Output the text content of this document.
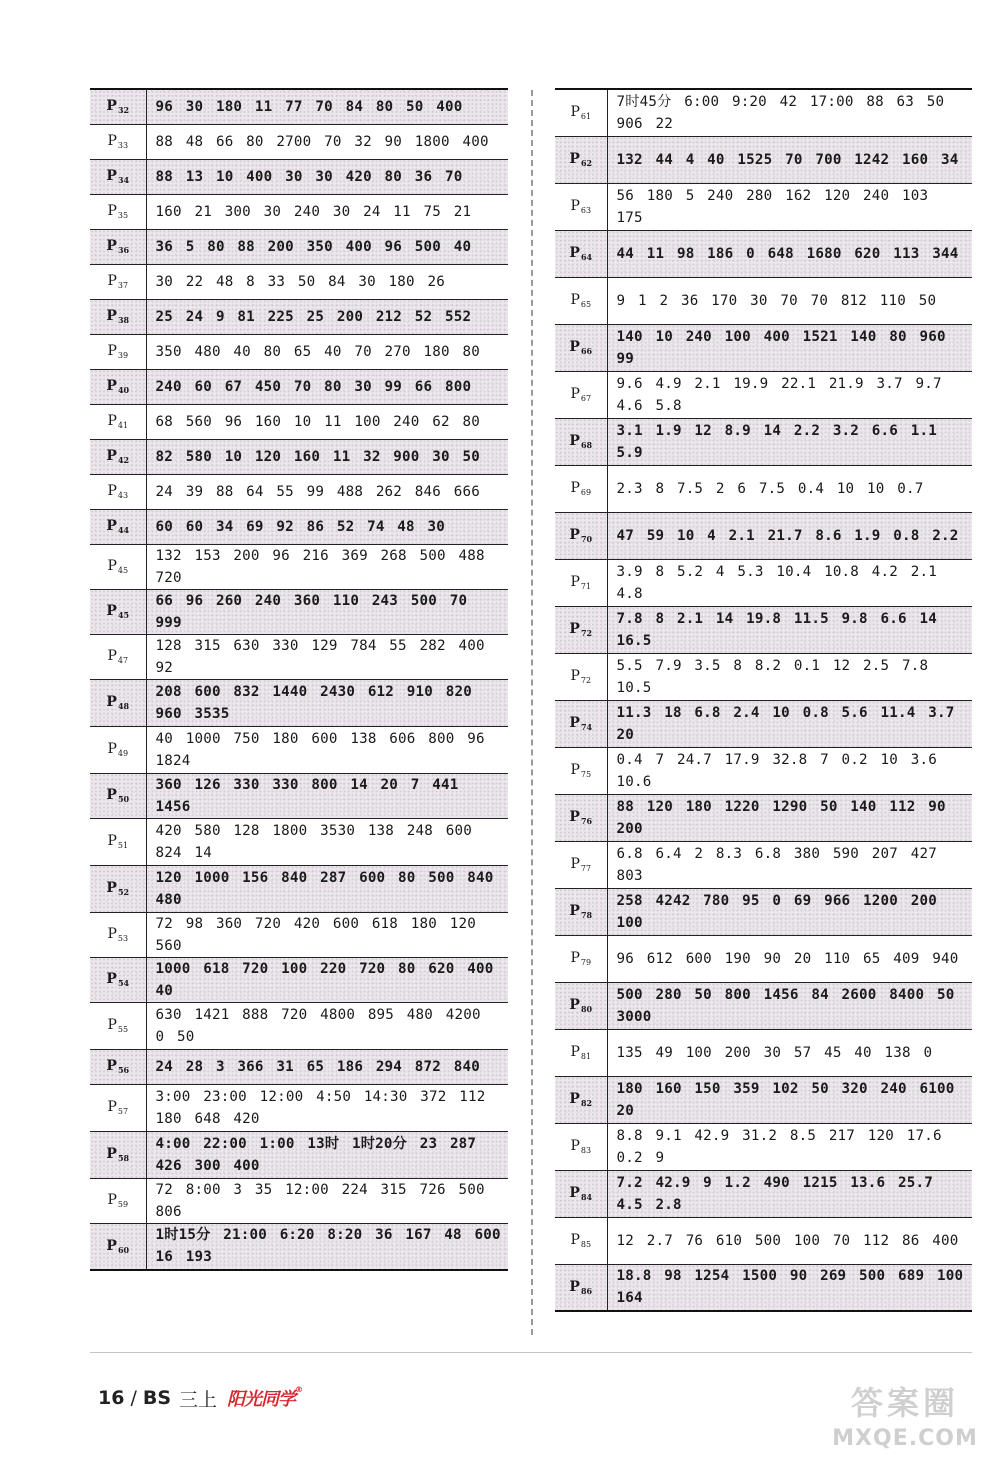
$P_{32}$	96 30 180 11 77 70 84 80 50 400
$P_{33}$	88 48 66 80 2700 70 32 90 1800 400
$P_{34}$	88 13 10 400 30 30 420 80 36 70
$P_{35}$	160 21 300 30 240 30 24 11 75 21
$P_{36}$	36 5 80 88 200 350 400 96 500 40
$P_{37}$	30 22 48 8 33 50 84 30 180 26
$P_{38}$	25 24 9 81 225 25 200 212 52 552
$P_{39}$	350 480 40 80 65 40 70 270 180 80
$P_{40}$	240 60 67 450 70 80 30 99 66 800
$P_{41}$	68 560 96 160 10 11 100 240 62 80
$P_{42}$	82 580 10 120 160 11 32 900 30 50
$P_{43}$	24 39 88 64 55 99 488 262 846 666
$P_{44}$	60 60 34 69 92 86 52 74 48 30
$P_{45}$	132 153 200 96 216 369 268 500 488 720
$P_{45}$	66 96 260 240 360 110 243 500 70 999
$P_{47}$	128 315 630 330 129 784 55 282 400 92
$P_{48}$	208 600 832 1440 2430 612 910 820 960 3535
$P_{49}$	40 1000 750 180 600 138 606 800 96 1824
$P_{50}$	360 126 330 330 800 14 20 7 441 1456
$P_{51}$	420 580 128 1800 3530 138 248 600 824 14
$P_{52}$	120 1000 156 840 287 600 80 500 840 480
$P_{53}$	72 98 360 720 420 600 618 180 120 560
$P_{54}$	1000 618 720 100 220 720 80 620 400 40
$P_{55}$	630 1421 888 720 4800 895 480 4200 0 50
$P_{56}$	24 28 3 366 31 65 186 294 872 840
$P_{57}$	3:00 23:00 12:00 4:50 14:30 372 112 180 648 420
$P_{58}$	4:00 22:00 1:00 13时 1时20分 23 287 426 300 400
$P_{59}$	72 8:00 3 35 12:00 224 315 726 500 806
$P_{60}$	1时15分 21:00 6:20 8:20 36 167 48 600 16 193
$P_{61}$	7时45分 6:00 9:20 42 17:00 88 63 50 906 22
$P_{62}$	132 44 4 40 1525 70 700 1242 160 34
$P_{63}$	56 180 5 240 280 162 120 240 103 175
$P_{64}$	44 11 98 186 0 648 1680 620 113 344
$P_{65}$	9 1 2 36 170 30 70 70 812 110 50
$P_{66}$	140 10 240 100 400 1521 140 80 960 99
$P_{67}$	9.6 4.9 2.1 19.9 22.1 21.9 3.7 9.7 4.6 5.8
$P_{68}$	3.1 1.9 12 8.9 14 2.2 3.2 6.6 1.1 5.9
$P_{69}$	2.3 8 7.5 2 6 7.5 0.4 10 10 0.7
$P_{70}$	47 59 10 4 2.1 21.7 8.6 1.9 0.8 2.2
$P_{71}$	3.9 8 5.2 4 5.3 10.4 10.8 4.2 2.1 4.8
$P_{72}$	7.8 8 2.1 14 19.8 11.5 9.8 6.6 14 16.5
$P_{72}$	5.5 7.9 3.5 8 8.2 0.1 12 2.5 7.8 10.5
$P_{74}$	11.3 18 6.8 2.4 10 0.8 5.6 11.4 3.7 20
$P_{75}$	0.4 7 24.7 17.9 32.8 7 0.2 10 3.6 10.6
$P_{76}$	88 120 180 1220 1290 50 140 112 90 200
$P_{77}$	6.8 6.4 2 8.3 6.8 380 590 207 427 803
$P_{78}$	258 4242 780 95 0 69 966 1200 200 100
$P_{79}$	96 612 600 190 90 20 110 65 409 940
$P_{80}$	500 280 50 800 1456 84 2600 8400 50 3000
$P_{81}$	135 49 100 200 30 57 45 40 138 0
$P_{82}$	180 160 150 359 102 50 320 240 6100 20
$P_{83}$	8.8 9.1 42.9 31.2 8.5 217 120 17.6 0.2 9
$P_{84}$	7.2 42.9 9 1.2 490 1215 13.6 25.7 4.5 2.8
$P_{85}$	12 2.7 76 610 500 100 70 112 86 400
$P_{86}$	18.8 98 1254 1500 90 269 500 689 100 164
16 / BS 三上 阳光同学®	答案圈
MXQE.COM
